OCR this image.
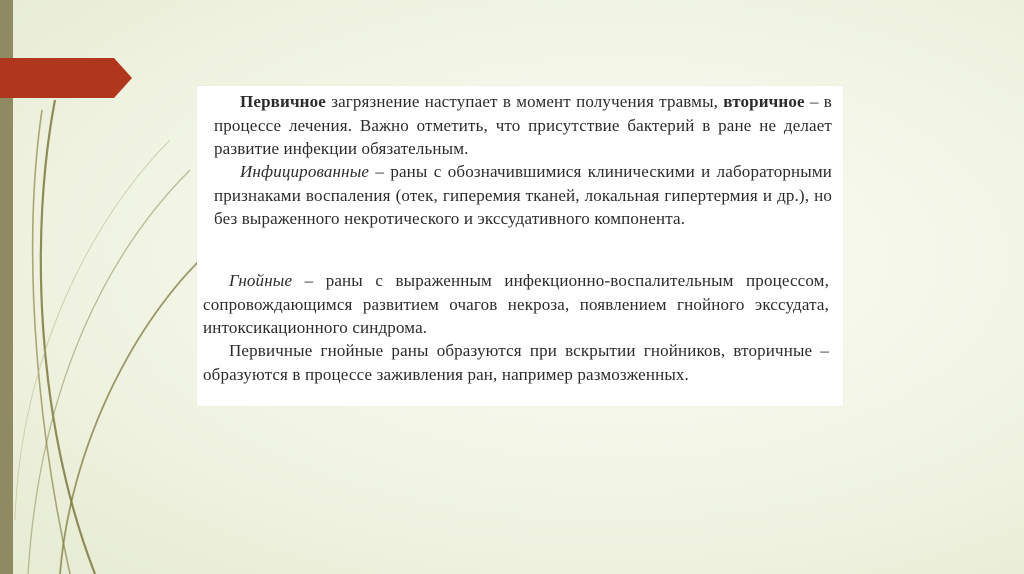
Первичное загрязнение наступает в момент получения травмы, вторичное – в процессе лечения. Важно отметить, что присутствие бактерий в ране не делает развитие инфекции обязательным.

Инфицированные – раны с обозначившимися клиническими и лабораторными признаками воспаления (отек, гиперемия тканей, локальная гипертермия и др.), но без выраженного некротического и экссудативного компонента.

Гнойные – раны с выраженным инфекционно-воспалительным процессом, сопровождающимся развитием очагов некроза, появлением гнойного экссудата, интоксикационного синдрома.

Первичные гнойные раны образуются при вскрытии гнойников, вторичные – образуются в процессе заживления ран, например размозженных.
